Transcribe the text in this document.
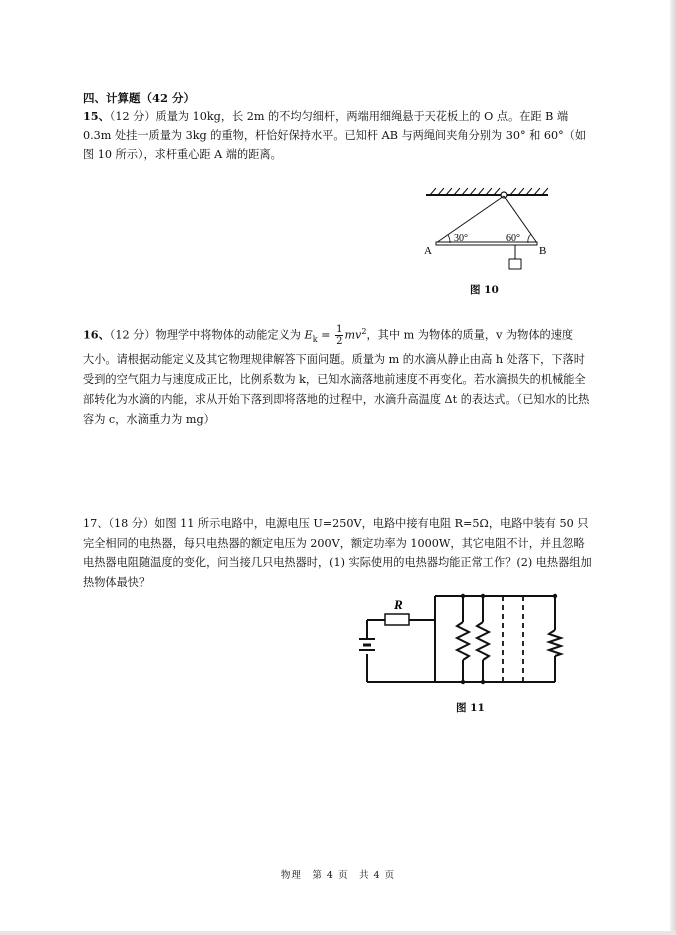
四、计算题（42 分）
15、（12 分）质量为 10kg，长 2m 的不均匀细杆，两端用细绳悬于天花板上的 O 点。在距 B 端 0.3m 处挂一质量为 3kg 的重物，杆恰好保持水平。已知杆 AB 与两绳间夹角分别为 30° 和 60°（如图 10 所示），求杆重心距 A 端的距离。
A	B
30°	60°
图 10
16、（12 分）物理学中将物体的动能定义为 $E_k = \frac{1}{2} mv^2$，其中 m 为物体的质量，v 为物体的速度
大小。请根据动能定义及其它物理规律解答下面问题。质量为 m 的水滴从静止由高 h 处落下，下落时受到的空气阻力与速度成正比，比例系数为 k，已知水滴落地前速度不再变化。若水滴损失的机械能全部转化为水滴的内能，求从开始下落到即将落地的过程中，水滴升高温度 Δt 的表达式。（已知水的比热容为 c，水滴重力为 mg）
17、（18 分）如图 11 所示电路中，电源电压 U=250V，电路中接有电阻 R=5Ω，电路中装有 50 只完全相同的电热器，每只电热器的额定电压为 200V，额定功率为 1000W，其它电阻不计，并且忽略电热器电阻随温度的变化，问当接几只电热器时，(1) 实际使用的电热器均能正常工作？(2) 电热器组加热物体最快？
R
图 11
物理　第 4 页　共 4 页
